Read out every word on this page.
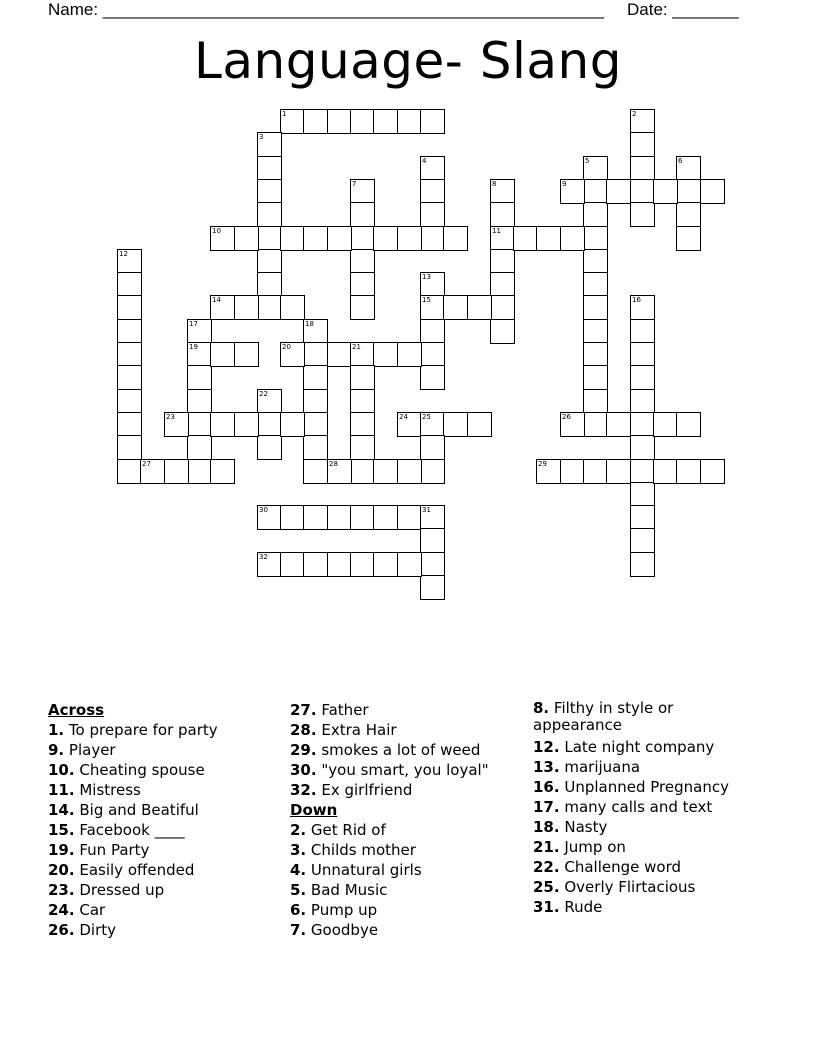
Name: _____________________________________________________ Date: _______
Language- Slang
1	2
3
4	5	6
7	8
11
9
10
12
13
15
14	16
17
19
18
20	21
22
23	24 25	26
27	28	29
30	31
32
Across
1. To prepare for party
9. Player
10. Cheating spouse
11. Mistress
14. Big and Beatiful
15. Facebook ____
19. Fun Party
20. Easily offended
23. Dressed up
24. Car
26. Dirty
27. Father
28. Extra Hair
29. smokes a lot of weed
30. "you smart, you loyal"
32. Ex girlfriend
Down
2. Get Rid of
3. Childs mother
4. Unnatural girls
5. Bad Music
6. Pump up
7. Goodbye
8. Filthy in style or appearance
12. Late night company
13. marijuana
16. Unplanned Pregnancy
17. many calls and text
18. Nasty
21. Jump on
22. Challenge word
25. Overly Flirtacious
31. Rude
